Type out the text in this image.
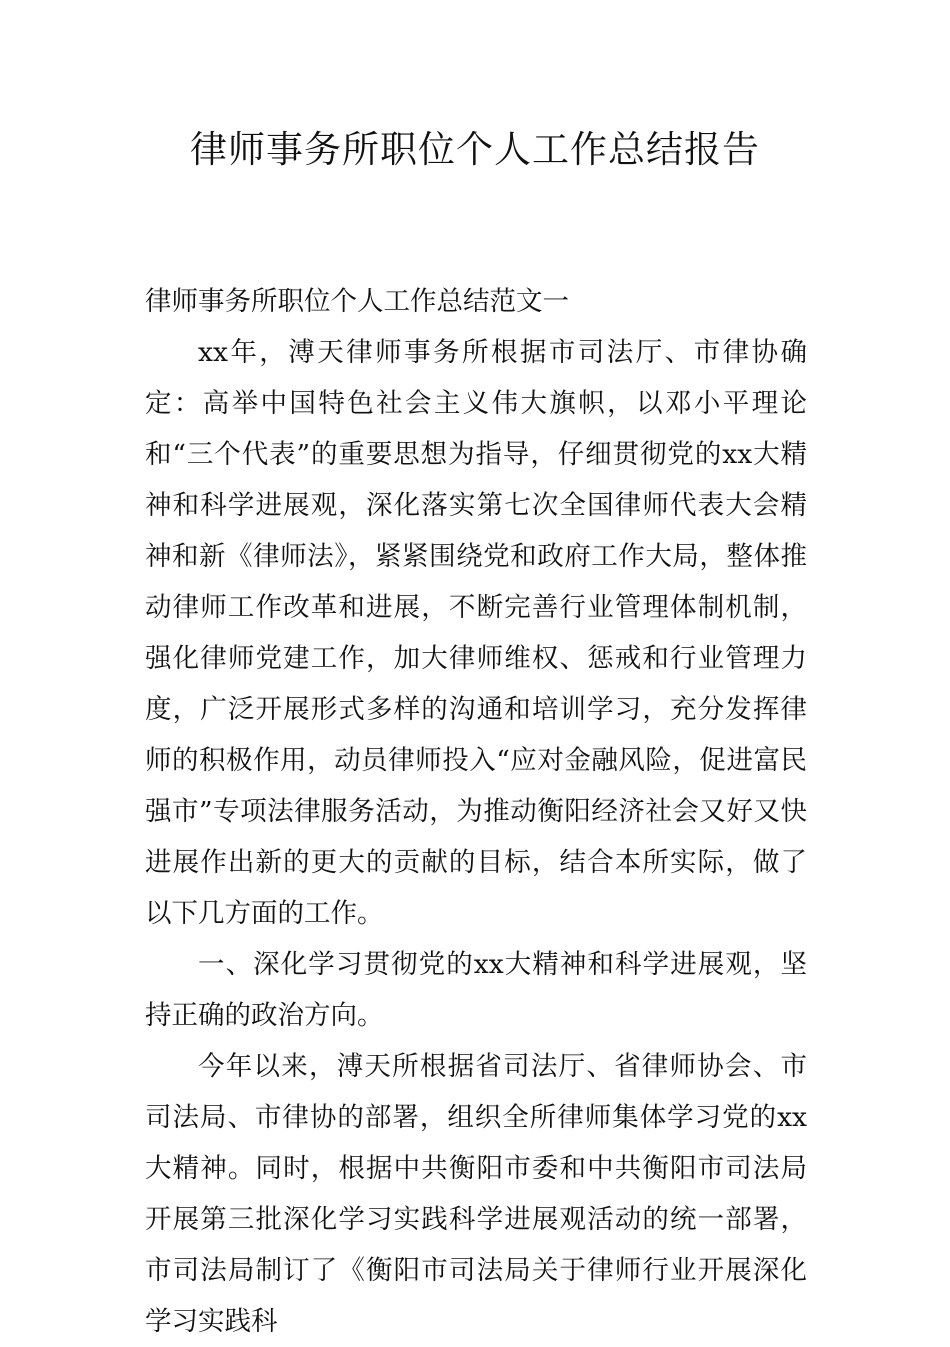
律师事务所职位个人工作总结报告

律师事务所职位个人工作总结范文一

xx年，溥天律师事务所根据市司法厅、市律协确定：高举中国特色社会主义伟大旗帜，以邓小平理论和“三个代表”的重要思想为指导，仔细贯彻党的xx大精神和科学进展观，深化落实第七次全国律师代表大会精神和新《律师法》，紧紧围绕党和政府工作大局，整体推动律师工作改革和进展，不断完善行业管理体制机制，强化律师党建工作，加大律师维权、惩戒和行业管理力度，广泛开展形式多样的沟通和培训学习，充分发挥律师的积极作用，动员律师投入“应对金融风险，促进富民强市”专项法律服务活动，为推动衡阳经济社会又好又快进展作出新的更大的贡献的目标，结合本所实际，做了以下几方面的工作。

一、深化学习贯彻党的xx大精神和科学进展观，坚持正确的政治方向。

今年以来，溥天所根据省司法厅、省律师协会、市司法局、市律协的部署，组织全所律师集体学习党的xx大精神。同时，根据中共衡阳市委和中共衡阳市司法局开展第三批深化学习实践科学进展观活动的统一部署，市司法局制订了《衡阳市司法局关于律师行业开展深化学习实践科
